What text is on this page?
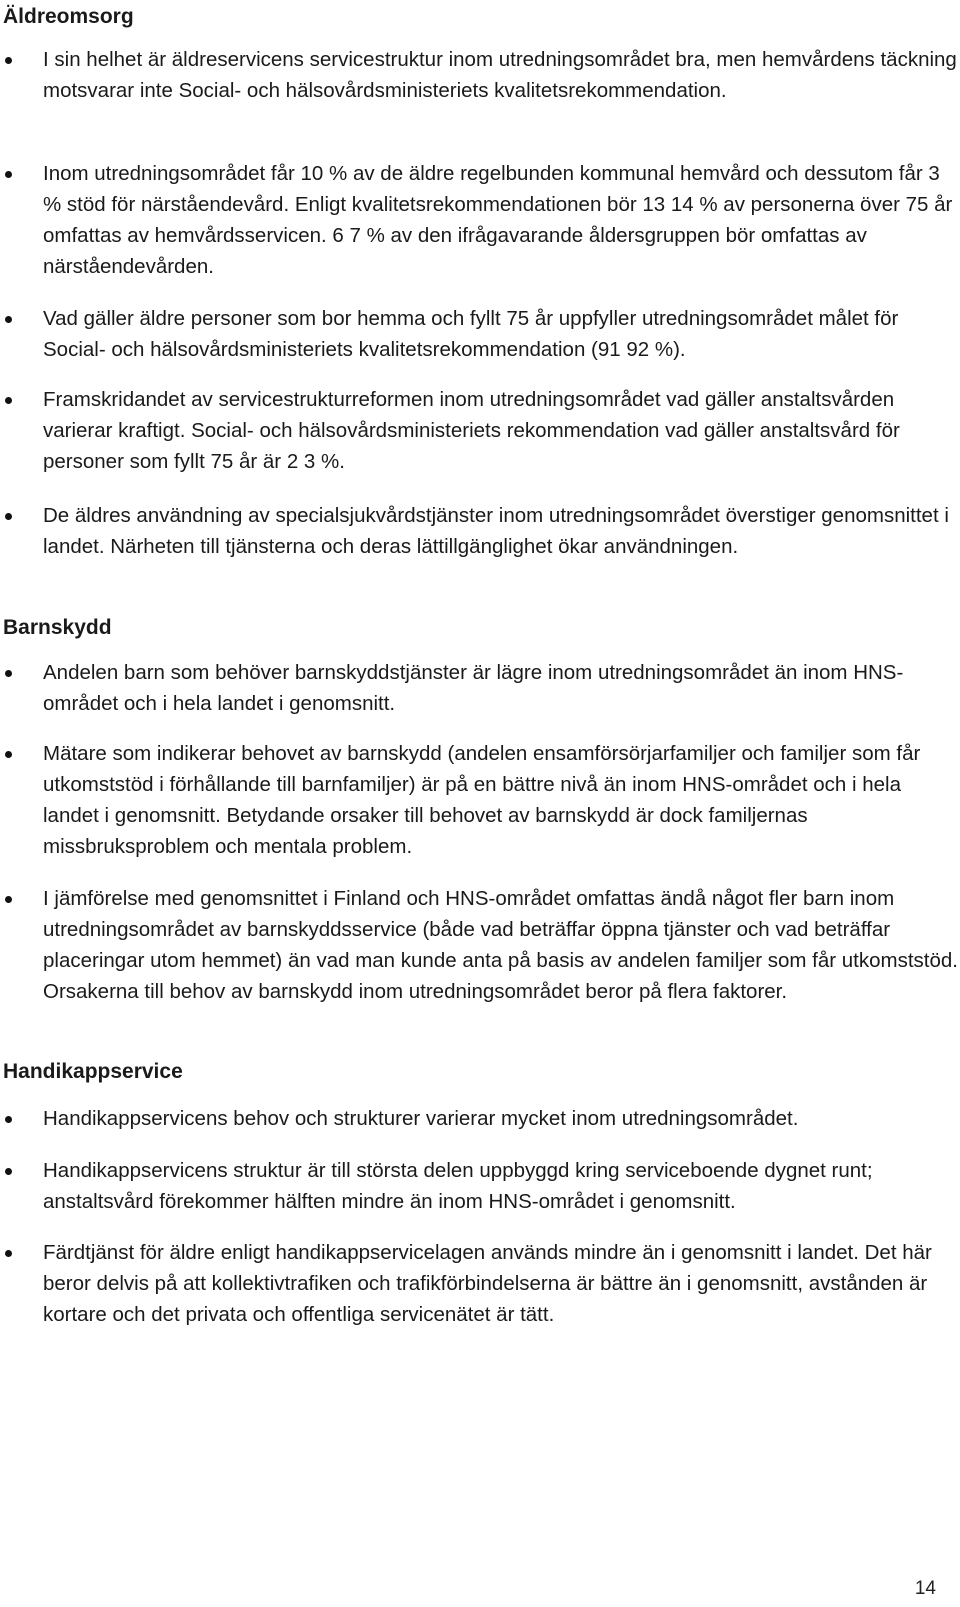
Äldreomsorg

I sin helhet är äldreservicens servicestruktur inom utredningsområdet bra, men hemvårdens täckning motsvarar inte Social- och hälsovårdsministeriets kvalitetsrekommendation.

Inom utredningsområdet får 10 % av de äldre regelbunden kommunal hemvård och dessutom får 3 % stöd för närståendevård. Enligt kvalitetsrekommendationen bör 13 14 % av personerna över 75 år omfattas av hemvårdsservicen. 6 7 % av den ifrågavarande åldersgruppen bör omfattas av närståendevården.

Vad gäller äldre personer som bor hemma och fyllt 75 år uppfyller utredningsområdet målet för Social- och hälsovårdsministeriets kvalitetsrekommendation (91 92 %).

Framskridandet av servicestrukturreformen inom utredningsområdet vad gäller anstaltsvården varierar kraftigt. Social- och hälsovårdsministeriets rekommendation vad gäller anstaltsvård för personer som fyllt 75 år är 2 3 %.

De äldres användning av specialsjukvårdstjänster inom utredningsområdet överstiger genomsnittet i landet. Närheten till tjänsterna och deras lättillgänglighet ökar användningen.

Barnskydd

Andelen barn som behöver barnskyddstjänster är lägre inom utredningsområdet än inom HNS-området och i hela landet i genomsnitt.

Mätare som indikerar behovet av barnskydd (andelen ensamförsörjarfamiljer och familjer som får utkomststöd i förhållande till barnfamiljer) är på en bättre nivå än inom HNS-området och i hela landet i genomsnitt. Betydande orsaker till behovet av barnskydd är dock familjernas missbruksproblem och mentala problem.

I jämförelse med genomsnittet i Finland och HNS-området omfattas ändå något fler barn inom utredningsområdet av barnskyddsservice (både vad beträffar öppna tjänster och vad beträffar placeringar utom hemmet) än vad man kunde anta på basis av andelen familjer som får utkomststöd. Orsakerna till behov av barnskydd inom utredningsområdet beror på flera faktorer.

Handikappservice

Handikappservicens behov och strukturer varierar mycket inom utredningsområdet.

Handikappservicens struktur är till största delen uppbyggd kring serviceboende dygnet runt; anstaltsvård förekommer hälften mindre än inom HNS-området i genomsnitt.

Färdtjänst för äldre enligt handikappservicelagen används mindre än i genomsnitt i landet. Det här beror delvis på att kollektivtrafiken och trafikförbindelserna är bättre än i genomsnitt, avstånden är kortare och det privata och offentliga servicenätet är tätt.

14
